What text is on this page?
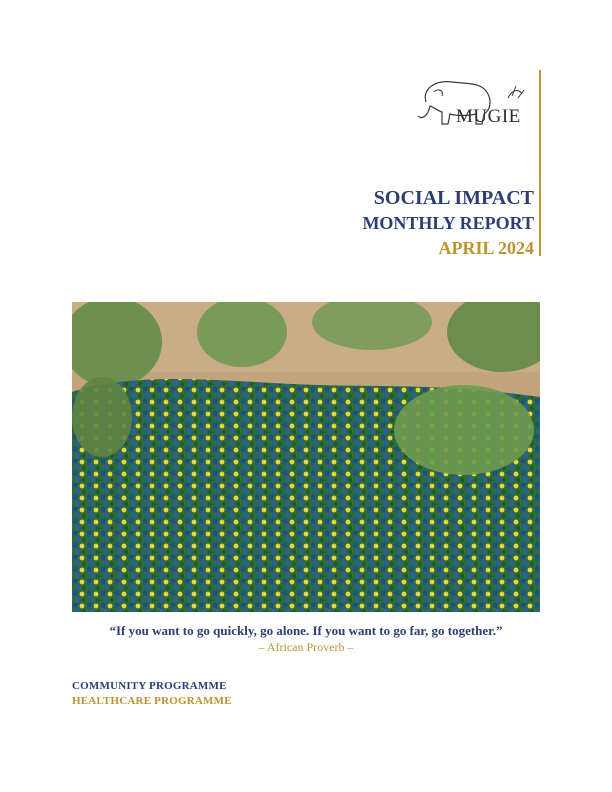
MUGIE
SOCIAL IMPACT
MONTHLY REPORT
APRIL 2024
“If you want to go quickly, go alone. If you want to go far, go together.”
– African Proverb –
COMMUNITY PROGRAMME
HEALTHCARE PROGRAMME
